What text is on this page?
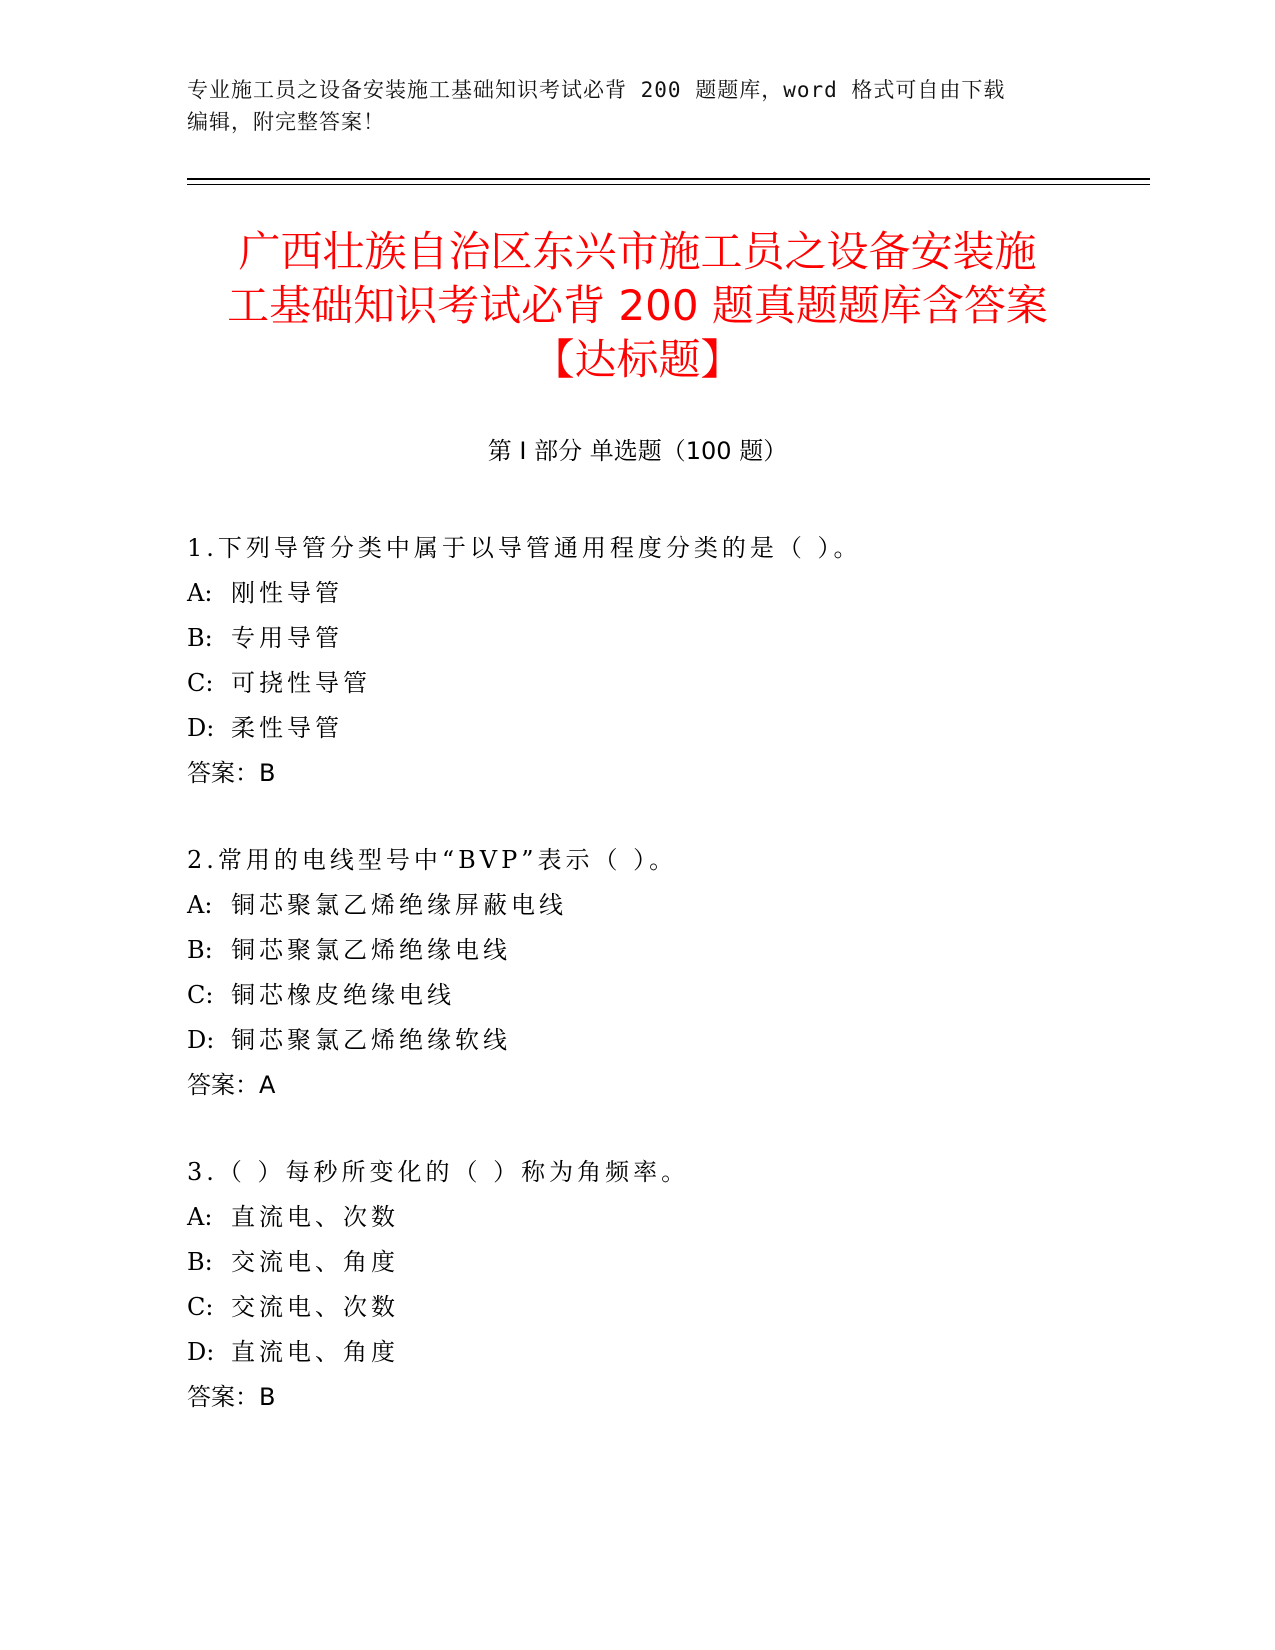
专业施工员之设备安装施工基础知识考试必背 200 题题库，word 格式可自由下载
编辑，附完整答案！
广西壮族自治区东兴市施工员之设备安装施
工基础知识考试必背 200 题真题题库含答案
【达标题】
第 I 部分 单选题（100 题）
1.下列导管分类中属于以导管通用程度分类的是（ ）。
A: 刚性导管
B: 专用导管
C: 可挠性导管
D: 柔性导管
答案：B
2.常用的电线型号中“BVP”表示（ ）。
A: 铜芯聚氯乙烯绝缘屏蔽电线
B: 铜芯聚氯乙烯绝缘电线
C: 铜芯橡皮绝缘电线
D: 铜芯聚氯乙烯绝缘软线
答案：A
3.（ ）每秒所变化的（ ）称为角频率。
A: 直流电、次数
B: 交流电、角度
C: 交流电、次数
D: 直流电、角度
答案：B
